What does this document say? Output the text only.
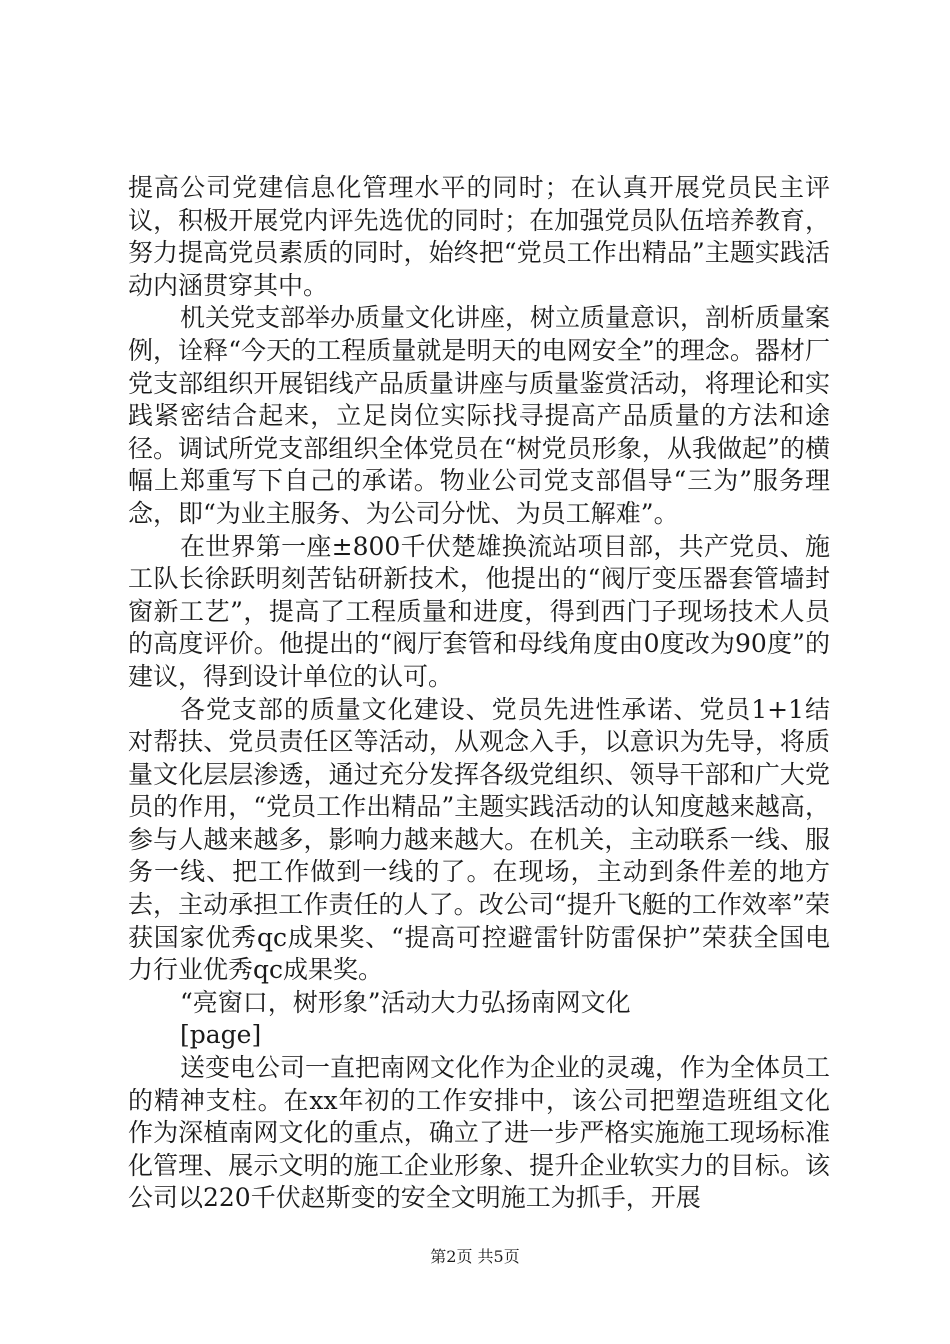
提高公司党建信息化管理水平的同时；在认真开展党员民主评议，积极开展党内评先选优的同时；在加强党员队伍培养教育，努力提高党员素质的同时，始终把“党员工作出精品”主题实践活动内涵贯穿其中。

机关党支部举办质量文化讲座，树立质量意识，剖析质量案例，诠释“今天的工程质量就是明天的电网安全”的理念。器材厂党支部组织开展铝线产品质量讲座与质量鉴赏活动，将理论和实践紧密结合起来，立足岗位实际找寻提高产品质量的方法和途径。调试所党支部组织全体党员在“树党员形象，从我做起”的横幅上郑重写下自己的承诺。物业公司党支部倡导“三为”服务理念，即“为业主服务、为公司分忧、为员工解难”。

在世界第一座±800千伏楚雄换流站项目部，共产党员、施工队长徐跃明刻苦钻研新技术，他提出的“阀厅变压器套管墙封窗新工艺”，提高了工程质量和进度，得到西门子现场技术人员的高度评价。他提出的“阀厅套管和母线角度由0度改为90度”的建议，得到设计单位的认可。

各党支部的质量文化建设、党员先进性承诺、党员1+1结对帮扶、党员责任区等活动，从观念入手，以意识为先导，将质量文化层层渗透，通过充分发挥各级党组织、领导干部和广大党员的作用，“党员工作出精品”主题实践活动的认知度越来越高，参与人越来越多，影响力越来越大。在机关，主动联系一线、服务一线、把工作做到一线的了。在现场，主动到条件差的地方去，主动承担工作责任的人了。改公司“提升飞艇的工作效率”荣获国家优秀qc成果奖、“提高可控避雷针防雷保护”荣获全国电力行业优秀qc成果奖。

“亮窗口，树形象”活动大力弘扬南网文化

[page]

送变电公司一直把南网文化作为企业的灵魂，作为全体员工的精神支柱。在xx年初的工作安排中，该公司把塑造班组文化作为深植南网文化的重点，确立了进一步严格实施施工现场标准化管理、展示文明的施工企业形象、提升企业软实力的目标。该公司以220千伏赵斯变的安全文明施工为抓手，开展

第2页 共5页
